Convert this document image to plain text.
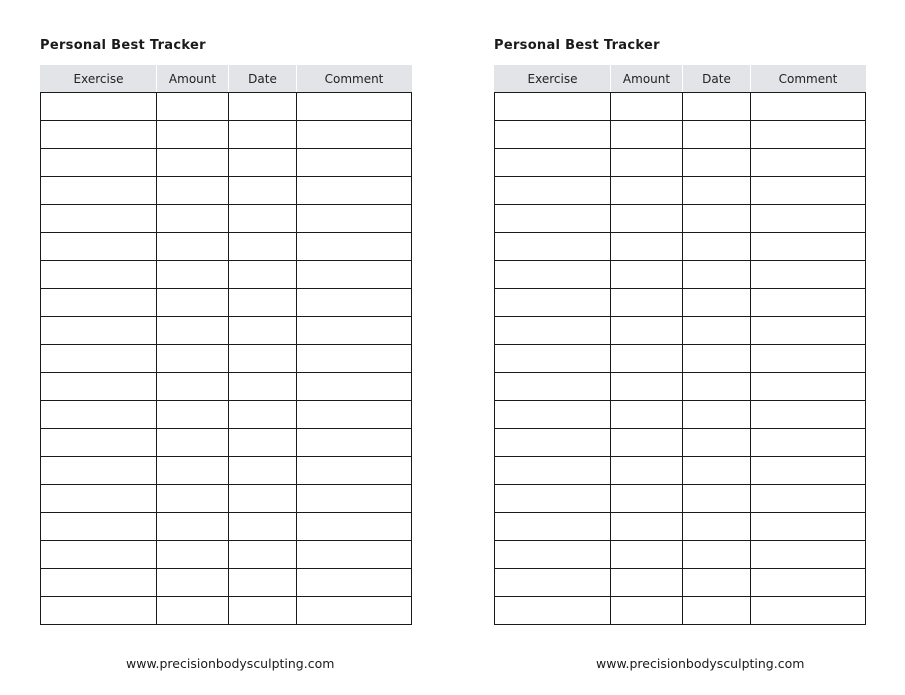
Personal Best Tracker
Exercise	Amount	Date	Comment

www.precisionbodysculpting.com
Personal Best Tracker
Exercise	Amount	Date	Comment

www.precisionbodysculpting.com
